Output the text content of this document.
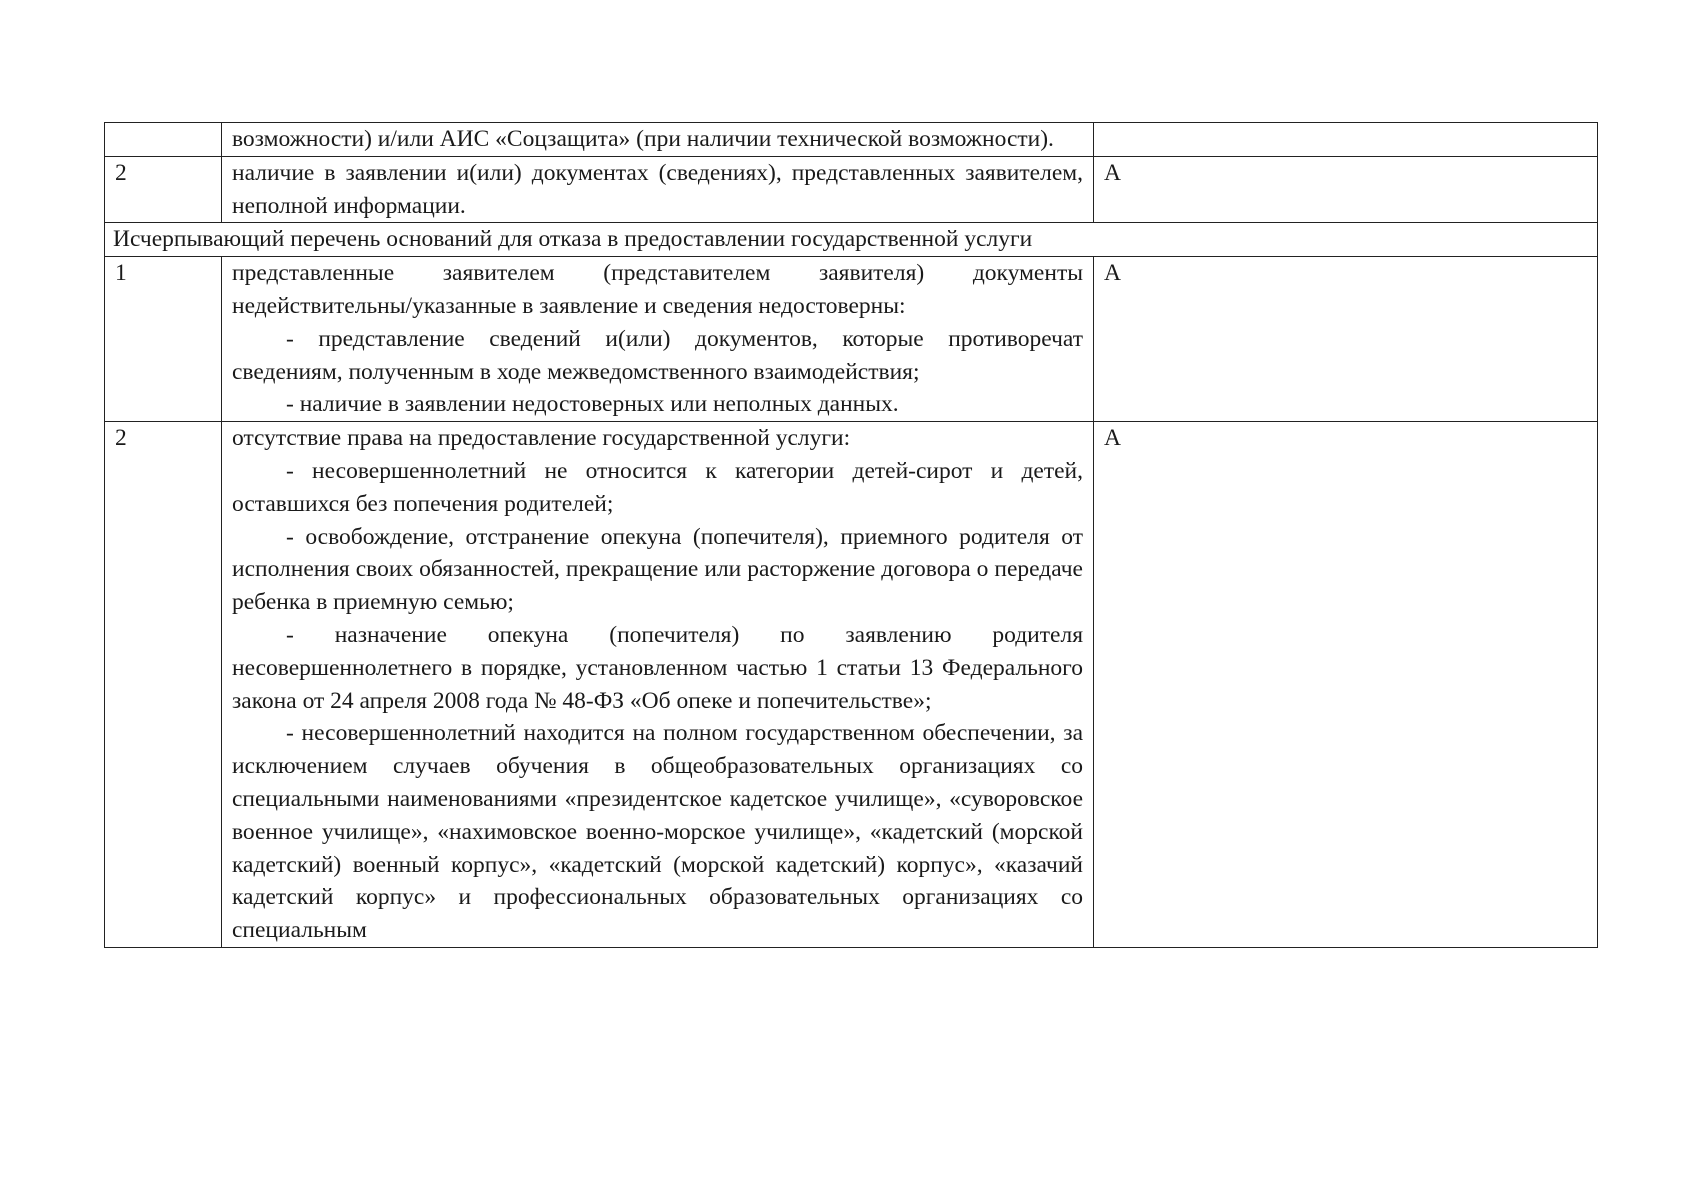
	возможности) и/или АИС «Соцзащита» (при наличии технической возможности).	

2	наличие в заявлении и(или) документах (сведениях), представленных заявителем, неполной информации.	А
Исчерпывающий перечень оснований для отказа в предоставлении государственной услуги		
1	представленные заявителем (представителем заявителя) документы недействительны/указанные в заявление и сведения недостоверны:

- представление сведений и(или) документов, которые противоречат сведениям, полученным в ходе межведомственного взаимодействия;

- наличие в заявлении недостоверных или неполных данных.	А
2	отсутствие права на предоставление государственной услуги:

- несовершеннолетний не относится к категории детей-сирот и детей, оставшихся без попечения родителей;

- освобождение, отстранение опекуна (попечителя), приемного родителя от исполнения своих обязанностей, прекращение или расторжение договора о передаче ребенка в приемную семью;

- назначение опекуна (попечителя) по заявлению родителя несовершеннолетнего в порядке, установленном частью 1 статьи 13 Федерального закона от 24 апреля 2008 года № 48-ФЗ «Об опеке и попечительстве»;

- несовершеннолетний находится на полном государственном обеспечении, за исключением случаев обучения в общеобразовательных организациях со специальными наименованиями «президентское кадетское училище», «суворовское военное училище», «нахимовское военно-морское училище», «кадетский (морской кадетский) военный корпус», «кадетский (морской кадетский) корпус», «казачий кадетский корпус» и профессиональных образовательных организациях со специальным	А
